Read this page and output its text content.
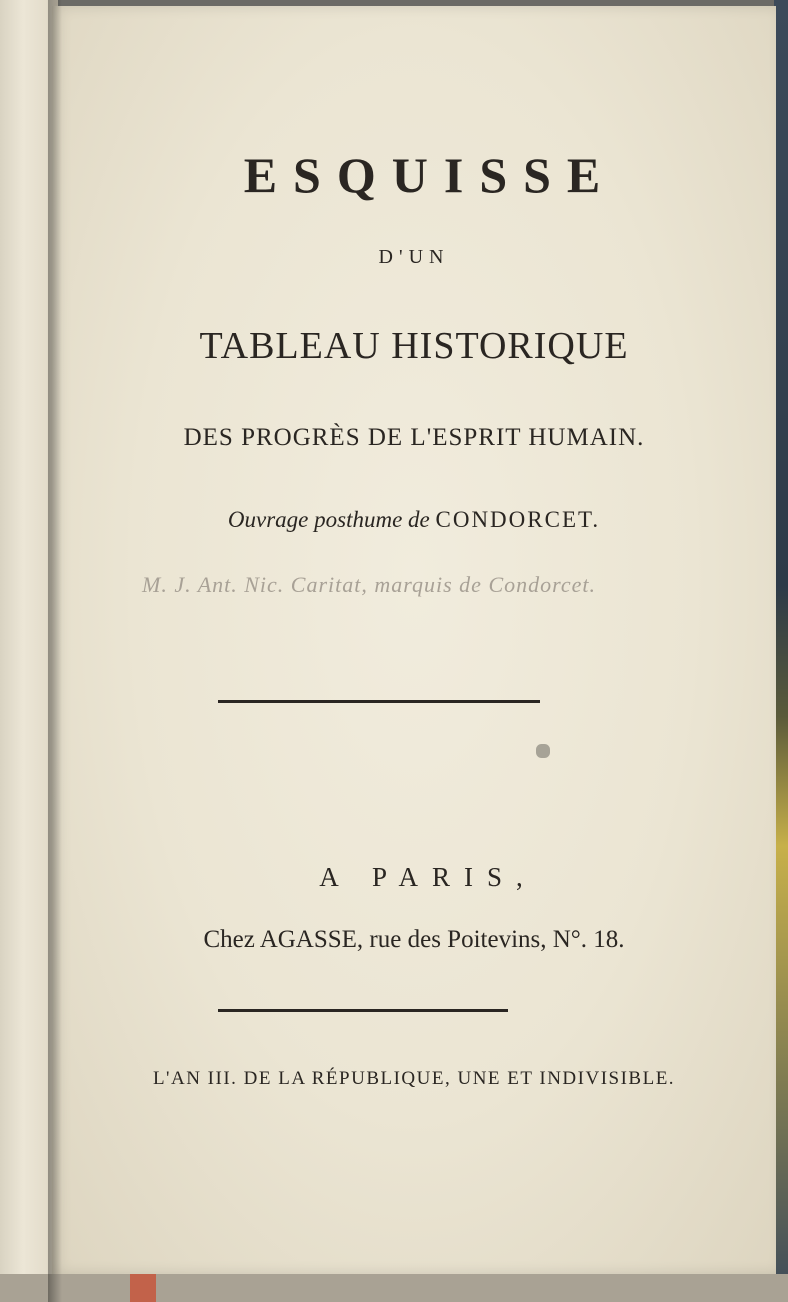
ESQUISSE
D'UN
TABLEAU HISTORIQUE
DES PROGRÈS DE L'ESPRIT HUMAIN.
Ouvrage posthume de CONDORCET.
M. J. Ant. Nic. Caritat, marquis de Condorcet.
A PARIS,
Chez AGASSE, rue des Poitevins, N°. 18.
L'AN III. DE LA RÉPUBLIQUE, UNE ET INDIVISIBLE.
